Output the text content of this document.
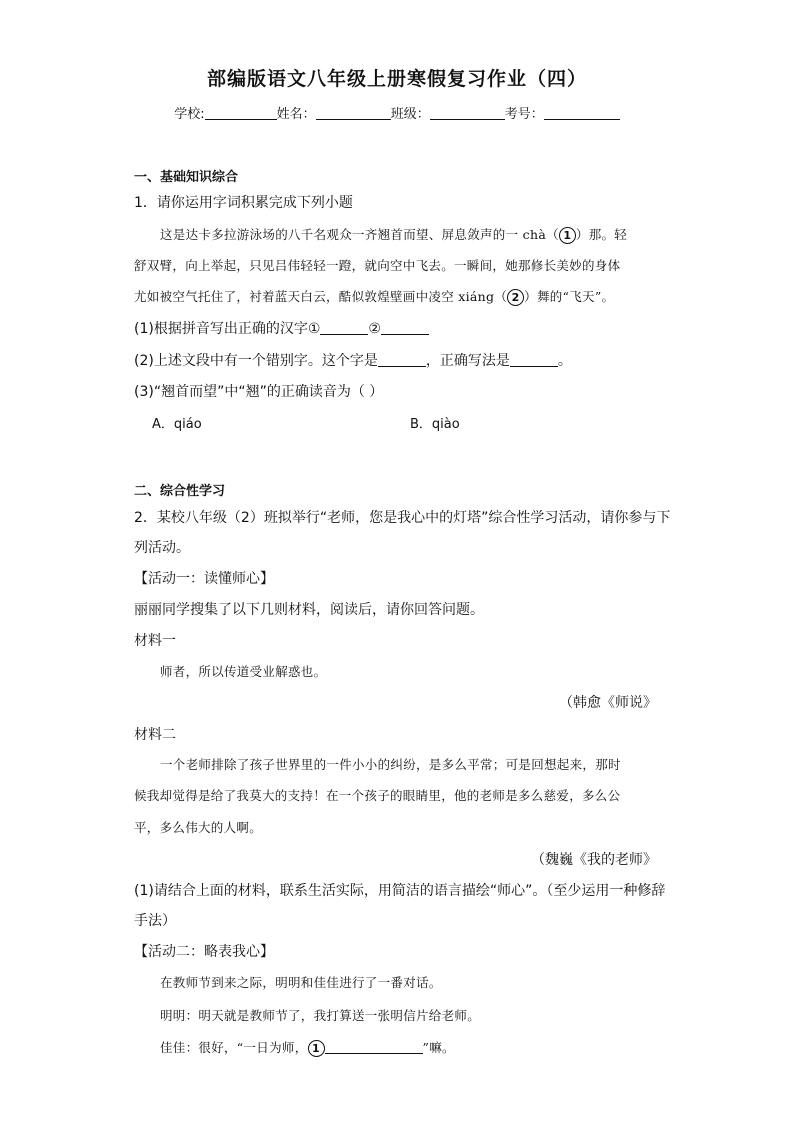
部编版语文八年级上册寒假复习作业（四）
学校:	姓名：	班级：	考号：
一、基础知识综合
1．请你运用字词积累完成下列小题
这是达卡多拉游泳场的八千名观众一齐翘首而望、屏息敛声的一 chà（ 1 ）那。轻
舒双臂，向上举起，只见吕伟轻轻一蹬，就向空中飞去。一瞬间，她那修长美妙的身体
尤如被空气托住了，衬着蓝天白云，酷似敦煌壁画中凌空 xiáng（ 2 ）舞的“飞天”。
(1)根据拼音写出正确的汉字①	②
(2)上述文段中有一个错别字。这个字是	，正确写法是	。
(3)“翘首而望”中“翘”的正确读音为（ ）
A．qiáo	B．qiào
二、综合性学习
2．某校八年级（2）班拟举行“老师，您是我心中的灯塔”综合性学习活动，请你参与下
列活动。
【活动一：读懂师心】
丽丽同学搜集了以下几则材料，阅读后，请你回答问题。
材料一
师者，所以传道受业解惑也。
（韩愈《师说》
材料二
一个老师排除了孩子世界里的一件小小的纠纷，是多么平常；可是回想起来，那时
候我却觉得是给了我莫大的支持！在一个孩子的眼睛里，他的老师是多么慈爱，多么公
平，多么伟大的人啊。
（魏巍《我的老师》
(1)请结合上面的材料，联系生活实际，用简洁的语言描绘“师心”。（至少运用一种修辞
手法）
【活动二：略表我心】
在教师节到来之际，明明和佳佳进行了一番对话。
明明：明天就是教师节了，我打算送一张明信片给老师。
佳佳：很好，“一日为师， 1	”嘛。
